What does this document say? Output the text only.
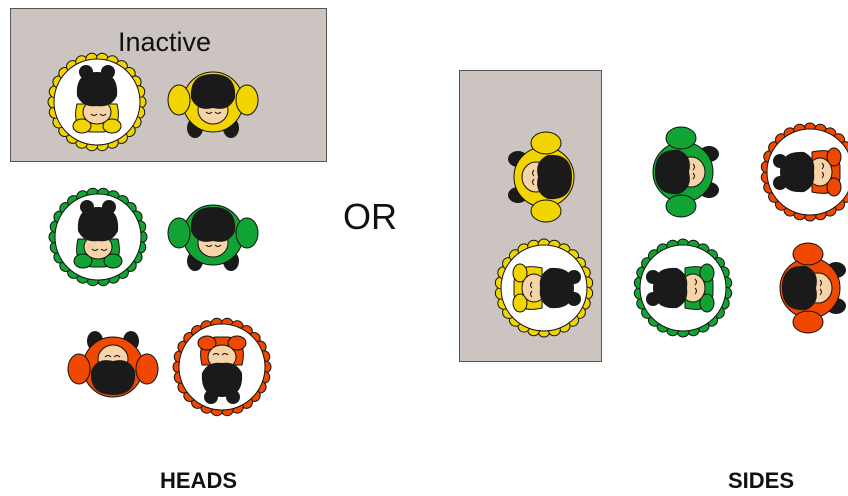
Inactive
OR
HEADS	SIDES
